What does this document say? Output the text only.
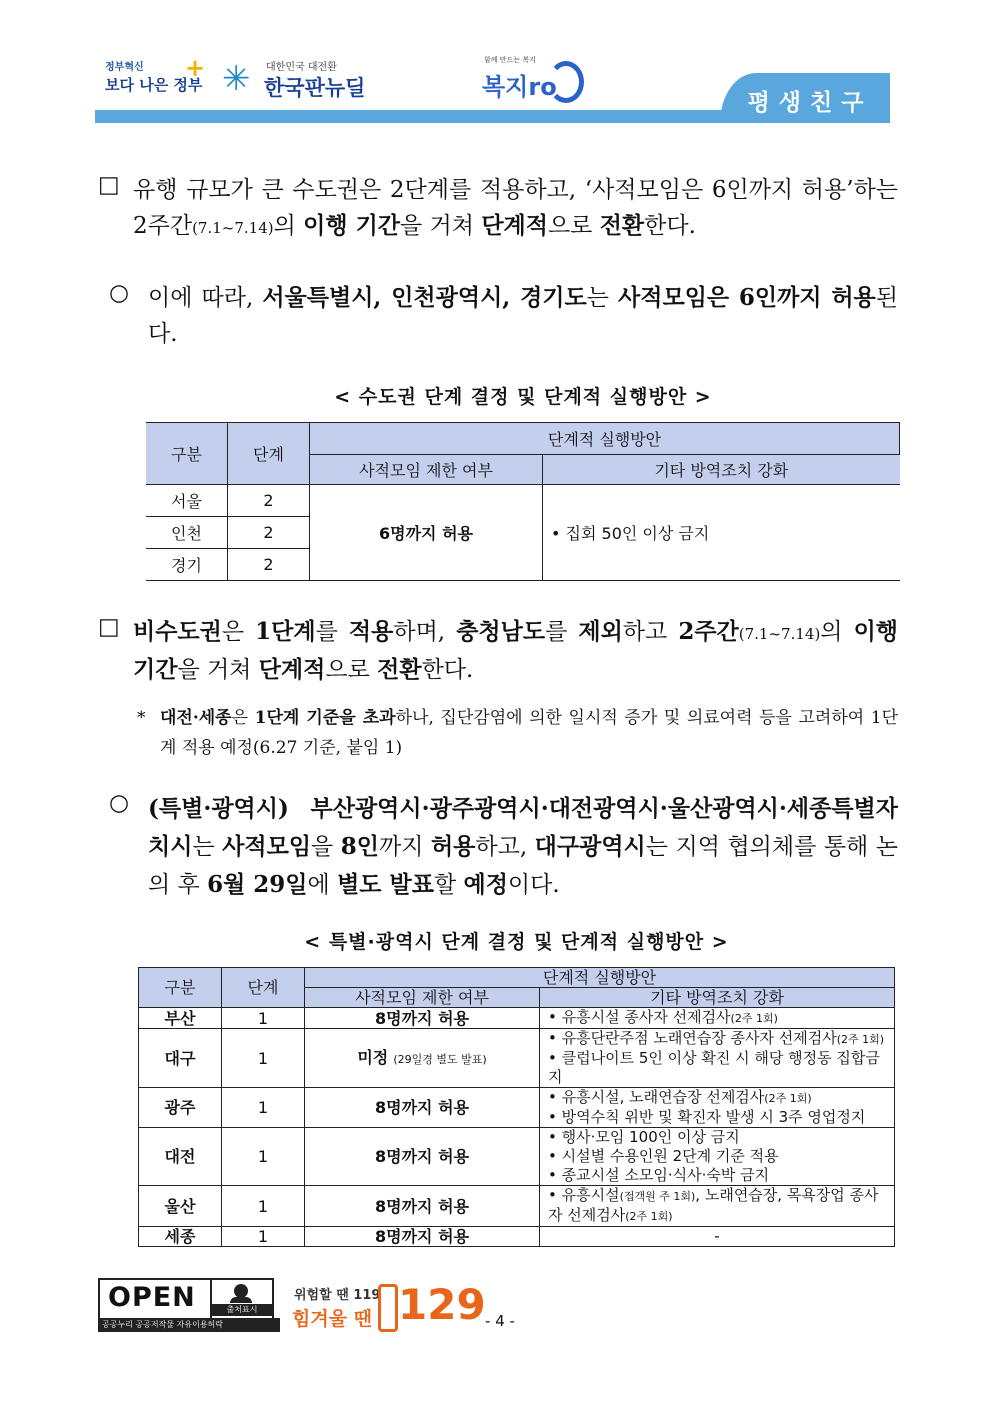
정부혁신
보다 나은 정부
+ ✳ 대한민국 대전환
한국판뉴딜
함께 만드는 복지
복지ro
평생친구
□ 유행 규모가 큰 수도권은 2단계를 적용하고, ‘사적모임은 6인까지 허용’하는 2주간(7.1~7.14)의 이행 기간을 거쳐 단계적으로 전환한다.
○ 이에 따라, 서울특별시, 인천광역시, 경기도는 사적모임은 6인까지 허용된다.
< 수도권 단계 결정 및 단계적 실행방안 >
구분	단계	단계적 실행방안	
		사적모임 제한 여부	기타 방역조치 강화
서울	2	6명까지 허용	• 집회 50인 이상 금지
인천	2		
경기	2		
□ 비수도권은 1단계를 적용하며, 충청남도를 제외하고 2주간(7.1~7.14)의 이행 기간을 거쳐 단계적으로 전환한다.
* 대전·세종은 1단계 기준을 초과하나, 집단감염에 의한 일시적 증가 및 의료여력 등을 고려하여 1단계 적용 예정(6.27 기준, 붙임 1)
○ (특별·광역시) 부산광역시·광주광역시·대전광역시·울산광역시·세종특별자치시는 사적모임을 8인까지 허용하고, 대구광역시는 지역 협의체를 통해 논의 후 6월 29일에 별도 발표할 예정이다.
< 특별·광역시 단계 결정 및 단계적 실행방안 >
구분	단계	단계적 실행방안	
		사적모임 제한 여부	기타 방역조치 강화
부산	1	8명까지 허용	• 유흥시설 종사자 선제검사(2주 1회)
대구	1	미정 (29일경 별도 발표)	• 유흥단란주점 노래연습장 종사자 선제검사(2주 1회)
• 클럽나이트 5인 이상 확진 시 해당 행정동 집합금지
광주	1	8명까지 허용	• 유흥시설, 노래연습장 선제검사(2주 1회)
• 방역수칙 위반 및 확진자 발생 시 3주 영업정지
대전	1	8명까지 허용	• 행사·모임 100인 이상 금지
• 시설별 수용인원 2단계 기준 적용
• 종교시설 소모임·식사·숙박 금지
울산	1	8명까지 허용	• 유흥시설(접객원 주 1회), 노래연습장, 목욕장업 종사자 선제검사(2주 1회)
세종	1	8명까지 허용	-
OPEN	출처표시
공공누리 공공저작물 자유이용허락
위험할 땐 119
힘겨울 땐 129 - 4 -
